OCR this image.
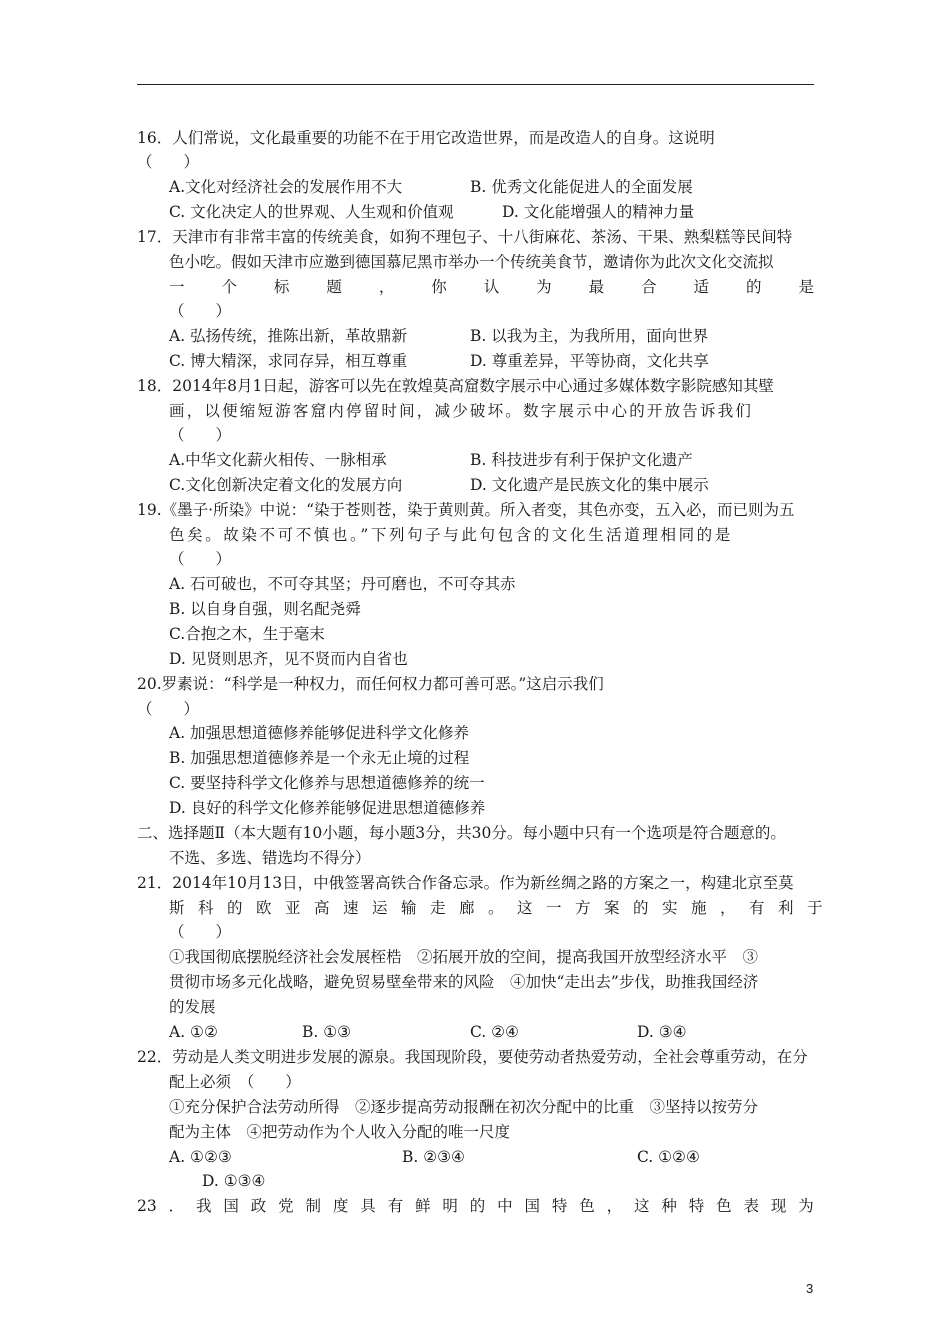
16．人们常说，文化最重要的功能不在于用它改造世界，而是改造人的自身。这说明
（　　）
A.文化对经济社会的发展作用不大	B. 优秀文化能促进人的全面发展
C. 文化决定人的世界观、人生观和价值观	D. 文化能增强人的精神力量
17．天津市有非常丰富的传统美食，如狗不理包子、十八街麻花、茶汤、干果、熟梨糕等民间特
色小吃。假如天津市应邀到德国慕尼黑市举办一个传统美食节，邀请你为此次文化交流拟
一 个 标 题 ， 你 认 为 最 合 适 的 是
（　　）
A. 弘扬传统，推陈出新，革故鼎新	B. 以我为主，为我所用，面向世界
C. 博大精深，求同存异，相互尊重	D. 尊重差异，平等协商，文化共享
18．2014年8月1日起，游客可以先在敦煌莫高窟数字展示中心通过多媒体数字影院感知其壁
画，以便缩短游客窟内停留时间，减少破坏。数字展示中心的开放告诉我们
（　　）
A.中华文化薪火相传、一脉相承	B. 科技进步有利于保护文化遗产
C.文化创新决定着文化的发展方向	D. 文化遗产是民族文化的集中展示
19.《墨子·所染》中说：“染于苍则苍，染于黄则黄。所入者变，其色亦变，五入必，而已则为五
色矣。故染不可不慎也。”下列句子与此句包含的文化生活道理相同的是
（　　）
A. 石可破也，不可夺其坚；丹可磨也，不可夺其赤
B. 以自身自强，则名配尧舜
C.合抱之木，生于毫末
D. 见贤则思齐，见不贤而内自省也
20.罗素说：“科学是一种权力，而任何权力都可善可恶。”这启示我们
（　　）
A. 加强思想道德修养能够促进科学文化修养
B. 加强思想道德修养是一个永无止境的过程
C. 要坚持科学文化修养与思想道德修养的统一
D. 良好的科学文化修养能够促进思想道德修养
二、选择题Ⅱ（本大题有10小题，每小题3分，共30分。每小题中只有一个选项是符合题意的。
不选、多选、错选均不得分）
21．2014年10月13日，中俄签署高铁合作备忘录。作为新丝绸之路的方案之一，构建北京至莫
斯科的欧亚高速运输走廊。这一方案的实施，有利于
（　　）
①我国彻底摆脱经济社会发展桎梏　②拓展开放的空间，提高我国开放型经济水平　③
贯彻市场多元化战略，避免贸易壁垒带来的风险　④加快“走出去”步伐，助推我国经济
的发展
A. ①②	B. ①③	C. ②④	D. ③④
22．劳动是人类文明进步发展的源泉。我国现阶段，要使劳动者热爱劳动，全社会尊重劳动，在分
配上必须　（　　）
①充分保护合法劳动所得　②逐步提高劳动报酬在初次分配中的比重　③坚持以按劳分
配为主体　④把劳动作为个人收入分配的唯一尺度
A. ①②③	B. ②③④	C. ①②④
D. ①③④
23 ． 我 国 政 党 制 度 具 有 鲜 明 的 中 国 特 色 ， 这 种 特 色 表 现 为
3
